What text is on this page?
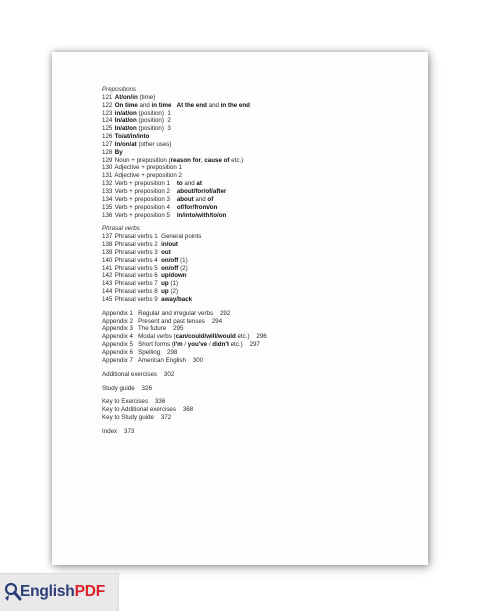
Prepositions
121 At/on/in (time)
122 On time and in time At the end and in the end
123 in/at/on (position)  1
124 In/at/on (position)  2
125 In/at/on (position)  3
126 To/at/in/into
127 In/on/at (other uses)
128 By
129 Noun + preposition (reason for, cause of etc.)
130 Adjective + preposition 1
131 Adjective + preposition 2
132 Verb + preposition 1    to and at
133 Verb + preposition 2    about/for/of/after
134 Verb + preposition 3    about and of
135 Verb + preposition 4    of/for/from/on
136 Verb + preposition 5    in/into/with/to/on
Phrasal verbs
137 Phrasal verbs 1  General points
138 Phrasal verbs 2  in/out
139 Phrasal verbs 3  out
140 Phrasal verbs 4  on/off (1)
141 Phrasal verbs 5  on/off (2)
142 Phrasal verbs 6  up/down
143 Phrasal verbs 7  up (1)
144 Phrasal verbs 8  up (2)
145 Phrasal verbs 9  away/back
Appendix 1   Regular and irregular verbs    292
Appendix 2   Present and past tenses    294
Appendix 3   The future    295
Appendix 4   Modal verbs (can/could/will/would etc.)    296
Appendix 5   Short forms (I'm / you've / didn't etc.)    297
Appendix 6   Spelling    298
Appendix 7   American English    300
Additional exercises    302
Study guide    326
Key to Exercises    336
Key to Additional exercises    368
Key to Study guide    372
Index    373
EnglishPDF
